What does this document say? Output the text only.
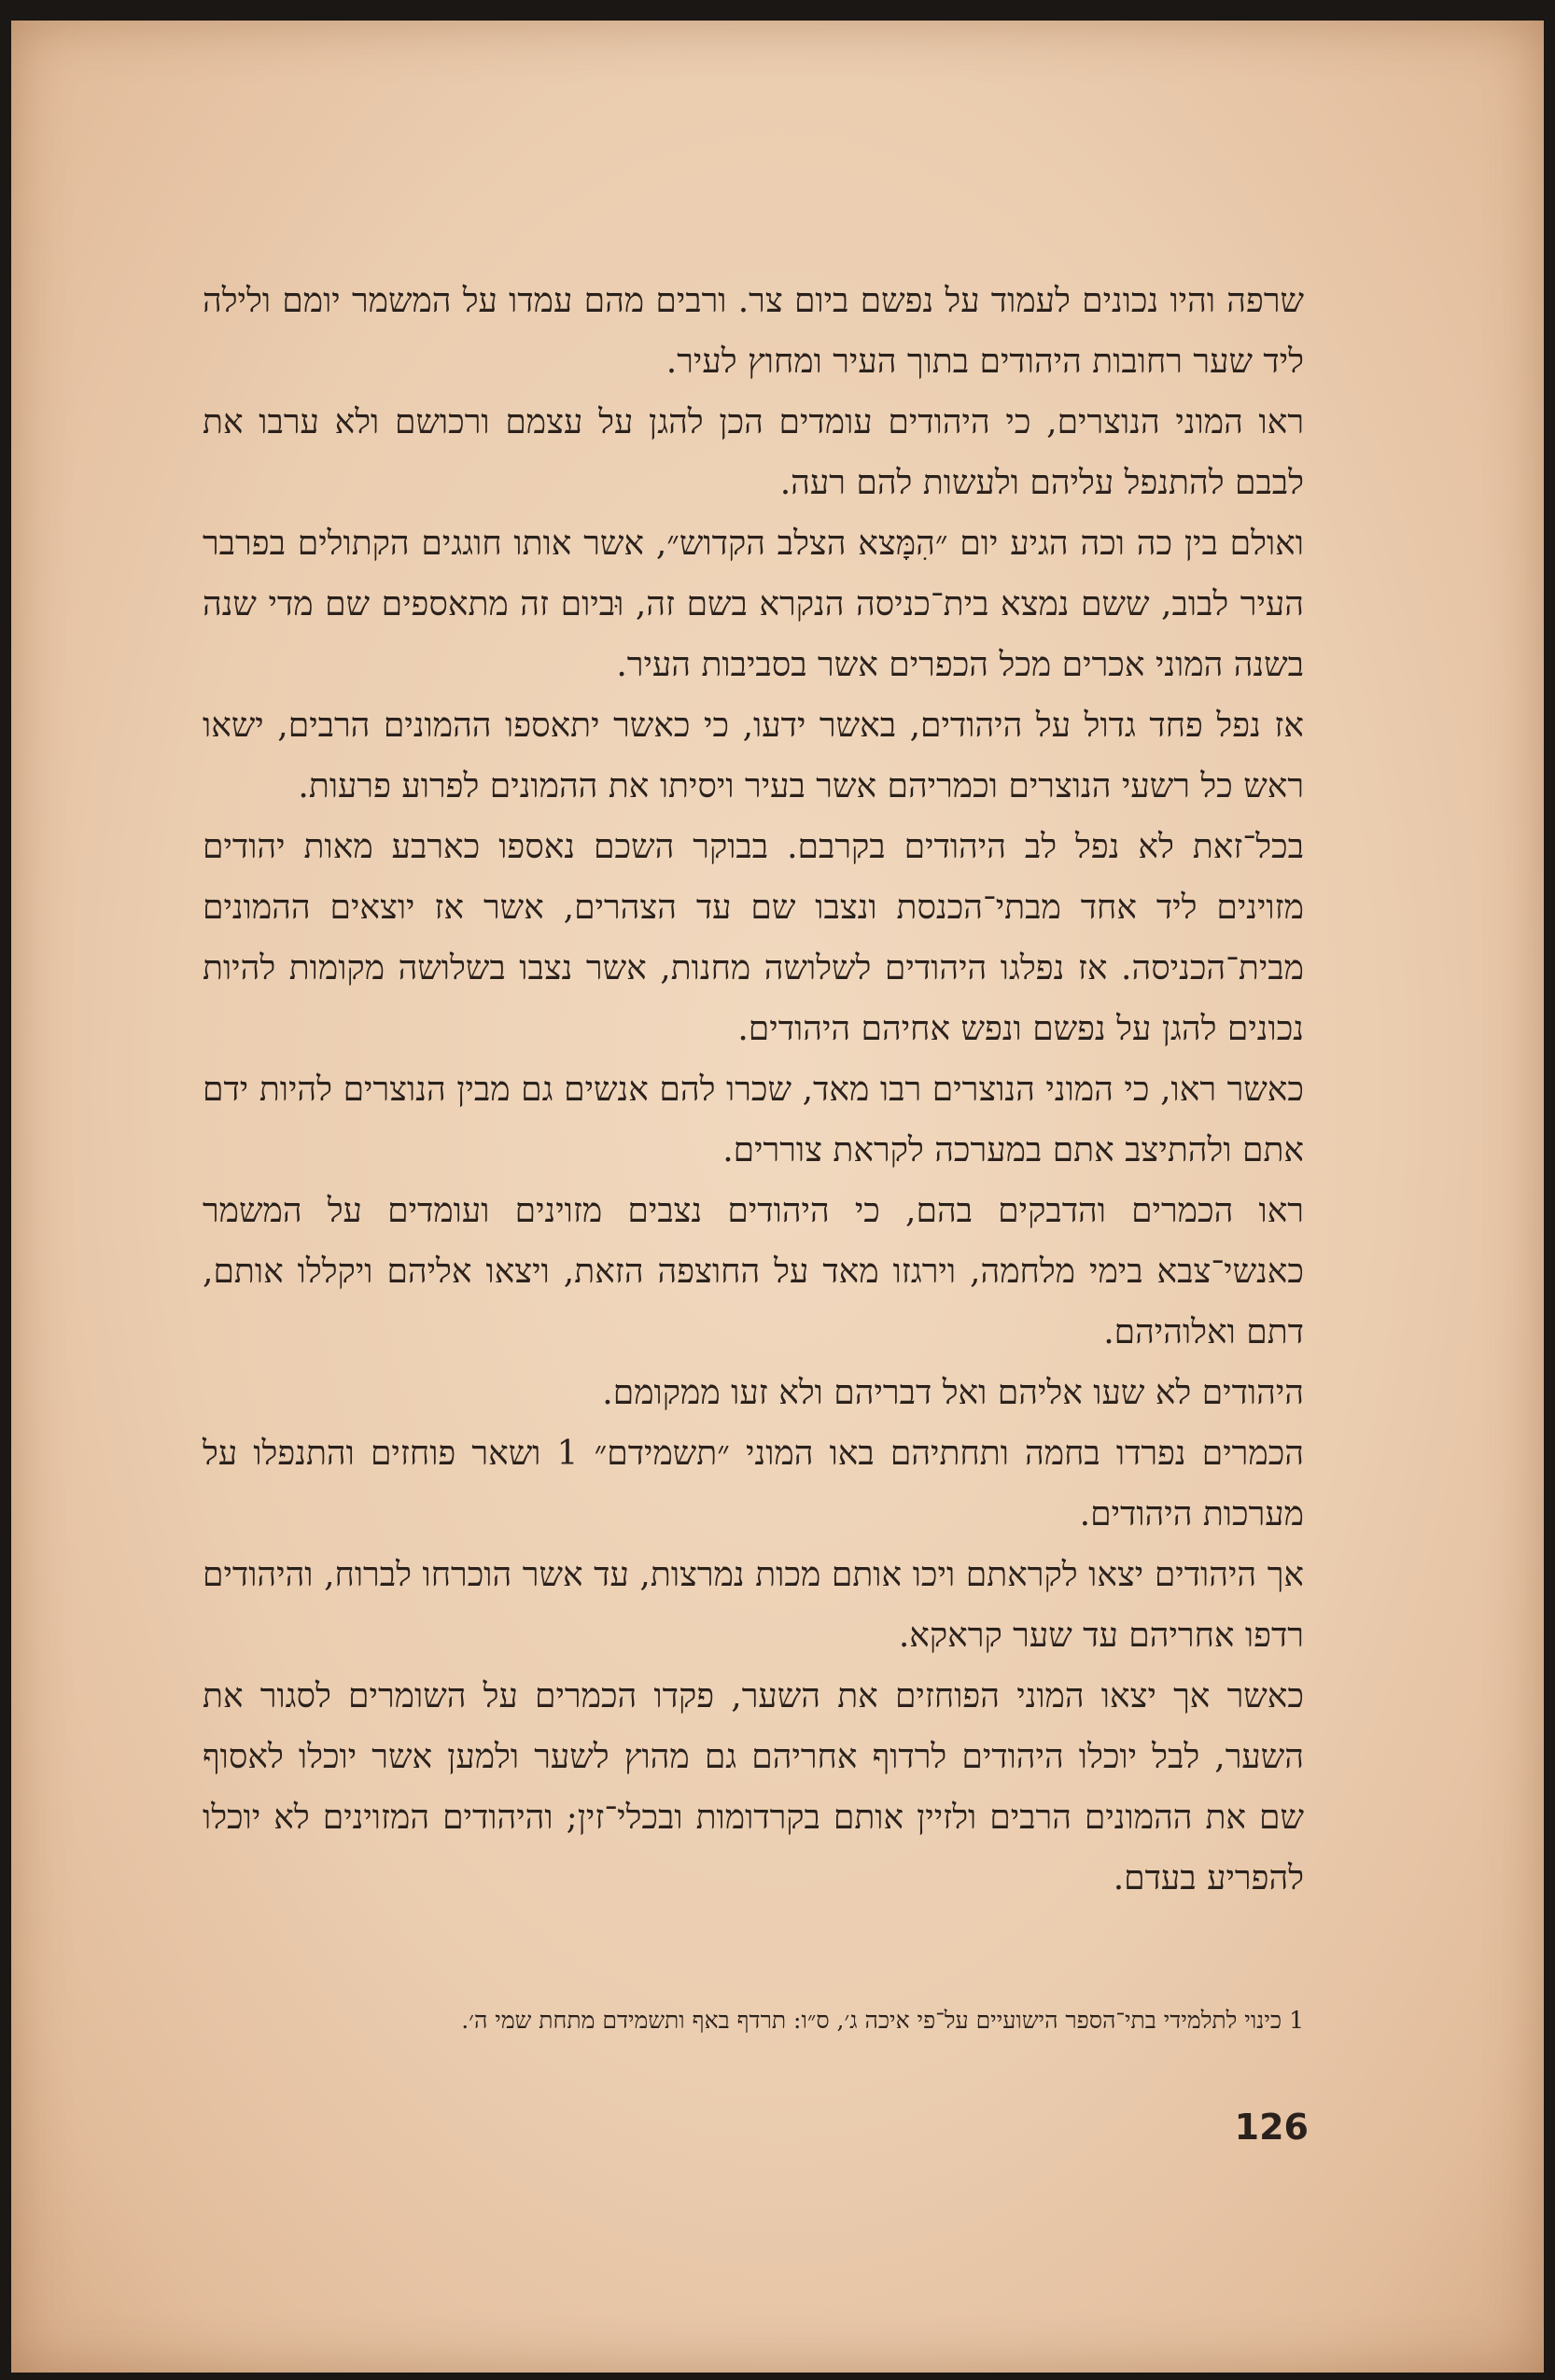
שרפה והיו נכונים לעמוד על נפשם ביום צר. ורבים מהם עמדו על המשמר יומם ולילה ליד שער רחובות היהודים בתוך העיר ומחוץ לעיר.

ראו המוני הנוצרים, כי היהודים עומדים הכן להגן על עצמם ורכושם ולא ערבו את לבבם להתנפל עליהם ולעשות להם רעה.

ואולם בין כה וכה הגיע יום ״הִמָּצא הצלב הקדוש״, אשר אותו חוגגים הקתולים בפרבר העיר לבוב, ששם נמצא בית־כניסה הנקרא בשם זה, וּביום זה מתאספים שם מדי שנה בשנה המוני אכרים מכל הכפרים אשר בסביבות העיר.

אז נפל פחד גדול על היהודים, באשר ידעו, כי כאשר יתאספו ההמונים הרבים, ישאו ראש כל רשעי הנוצרים וכמריהם אשר בעיר ויסיתו את ההמונים לפרוע פרעות.

בכל־זאת לא נפל לב היהודים בקרבם. בבוקר השכם נאספו כארבע מאות יהודים מזוינים ליד אחד מבתי־הכנסת ונצבו שם עד הצהרים, אשר אז יוצאים ההמונים מבית־הכניסה. אז נפלגו היהודים לשלושה מחנות, אשר נצבו בשלושה מקומות להיות נכונים להגן על נפשם ונפש אחיהם היהודים.

כאשר ראו, כי המוני הנוצרים רבו מאד, שכרו להם אנשים גם מבין הנוצרים להיות ידם אתם ולהתיצב אתם במערכה לקראת צוררים.

ראו הכמרים והדבקים בהם, כי היהודים נצבים מזוינים ועומדים על המשמר כאנשי־צבא בימי מלחמה, וירגזו מאד על החוצפה הזאת, ויצאו אליהם ויקללו אותם, דתם ואלוהיהם.

היהודים לא שעו אליהם ואל דבריהם ולא זעו ממקומם.

הכמרים נפרדו בחמה ותחתיהם באו המוני ״תשמידם״ 1 ושאר פוחזים והתנפלו על מערכות היהודים.

אך היהודים יצאו לקראתם ויכו אותם מכות נמרצות, עד אשר הוכרחו לברוח, והיהודים רדפו אחריהם עד שער קראקא.

כאשר אך יצאו המוני הפוחזים את השער, פקדו הכמרים על השומרים לסגור את השער, לבל יוכלו היהודים לרדוף אחריהם גם מהוץ לשער ולמען אשר יוכלו לאסוף שם את ההמונים הרבים ולזיין אותם בקרדומות ובכלי־זין; והיהודים המזוינים לא יוכלו להפריע בעדם.

1 כינוי לתלמידי בתי־הספר הישועיים על־פי איכה ג׳, ס״ו: תרדף באף ותשמידם מתחת שמי ה׳.
126
